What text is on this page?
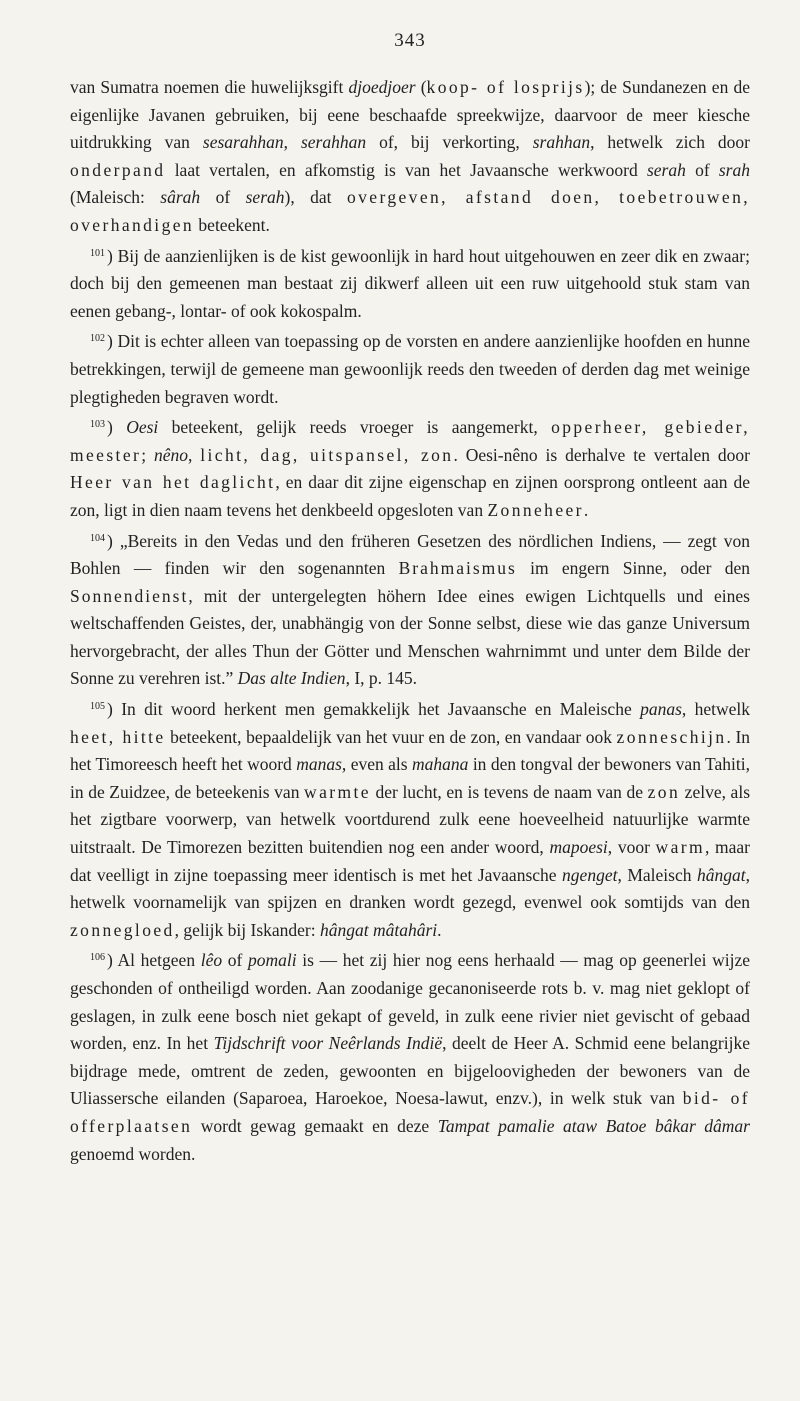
343

van Sumatra noemen die huwelijksgift djoedjoer (koop- of losprijs); de Sundanezen en de eigenlijke Javanen gebruiken, bij eene beschaafde spreekwijze, daarvoor de meer kiesche uitdrukking van sesarahhan, serahhan of, bij verkorting, srahhan, hetwelk zich door onderpand laat vertalen, en afkomstig is van het Javaansche werkwoord serah of srah (Maleisch: sârah of serah), dat overgeven, afstand doen, toebetrouwen, overhandigen beteekent.

$^{101}$ ) Bij de aanzienlijken is de kist gewoonlijk in hard hout uitgehouwen en zeer dik en zwaar; doch bij den gemeenen man bestaat zij dikwerf alleen uit een ruw uitgehoold stuk stam van eenen gebang-, lontar- of ook kokospalm.

$^{102}$ ) Dit is echter alleen van toepassing op de vorsten en andere aanzienlijke hoofden en hunne betrekkingen, terwijl de gemeene man gewoonlijk reeds den tweeden of derden dag met weinige plegtigheden begraven wordt.

$^{103}$ ) Oesi beteekent, gelijk reeds vroeger is aangemerkt, opperheer, gebieder, meester; nêno, licht, dag, uitspansel, zon. Oesi-nêno is derhalve te vertalen door Heer van het daglicht, en daar dit zijne eigenschap en zijnen oorsprong ontleent aan de zon, ligt in dien naam tevens het denkbeeld opgesloten van Zonneheer.

$^{104}$ ) „Bereits in den Vedas und den früheren Gesetzen des nördlichen Indiens, — zegt von Bohlen — finden wir den sogenannten Brahmaismus im engern Sinne, oder den Sonnendienst, mit der untergelegten höhern Idee eines ewigen Lichtquells und eines weltschaffenden Geistes, der, unabhängig von der Sonne selbst, diese wie das ganze Universum hervorgebracht, der alles Thun der Götter und Menschen wahrnimmt und unter dem Bilde der Sonne zu verehren ist.” Das alte Indien, I, p. 145.

$^{105}$ ) In dit woord herkent men gemakkelijk het Javaansche en Maleische panas, hetwelk heet, hitte beteekent, bepaaldelijk van het vuur en de zon, en vandaar ook zonneschijn. In het Timoreesch heeft het woord manas, even als mahana in den tongval der bewoners van Tahiti, in de Zuidzee, de beteekenis van warmte der lucht, en is tevens de naam van de zon zelve, als het zigtbare voorwerp, van hetwelk voortdurend zulk eene hoeveelheid natuurlijke warmte uitstraalt. De Timorezen bezitten buitendien nog een ander woord, mapoesi, voor warm, maar dat veelligt in zijne toepassing meer identisch is met het Javaansche ngenget, Maleisch hângat, hetwelk voornamelijk van spijzen en dranken wordt gezegd, evenwel ook somtijds van den zonnegloed, gelijk bij Iskander: hângat mâtahâri.

$^{106}$ ) Al hetgeen lêo of pomali is — het zij hier nog eens herhaald — mag op geenerlei wijze geschonden of ontheiligd worden. Aan zoodanige gecanoniseerde rots b. v. mag niet geklopt of geslagen, in zulk eene bosch niet gekapt of geveld, in zulk eene rivier niet gevischt of gebaad worden, enz. In het Tijdschrift voor Neêrlands Indië, deelt de Heer A. Schmid eene belangrijke bijdrage mede, omtrent de zeden, gewoonten en bijgeloovigheden der bewoners van de Uliassersche eilanden (Saparoea, Haroekoe, Noesa-lawut, enzv.), in welk stuk van bid- of offerplaatsen wordt gewag gemaakt en deze Tampat pamalie ataw Batoe bâkar dâmar genoemd worden.
